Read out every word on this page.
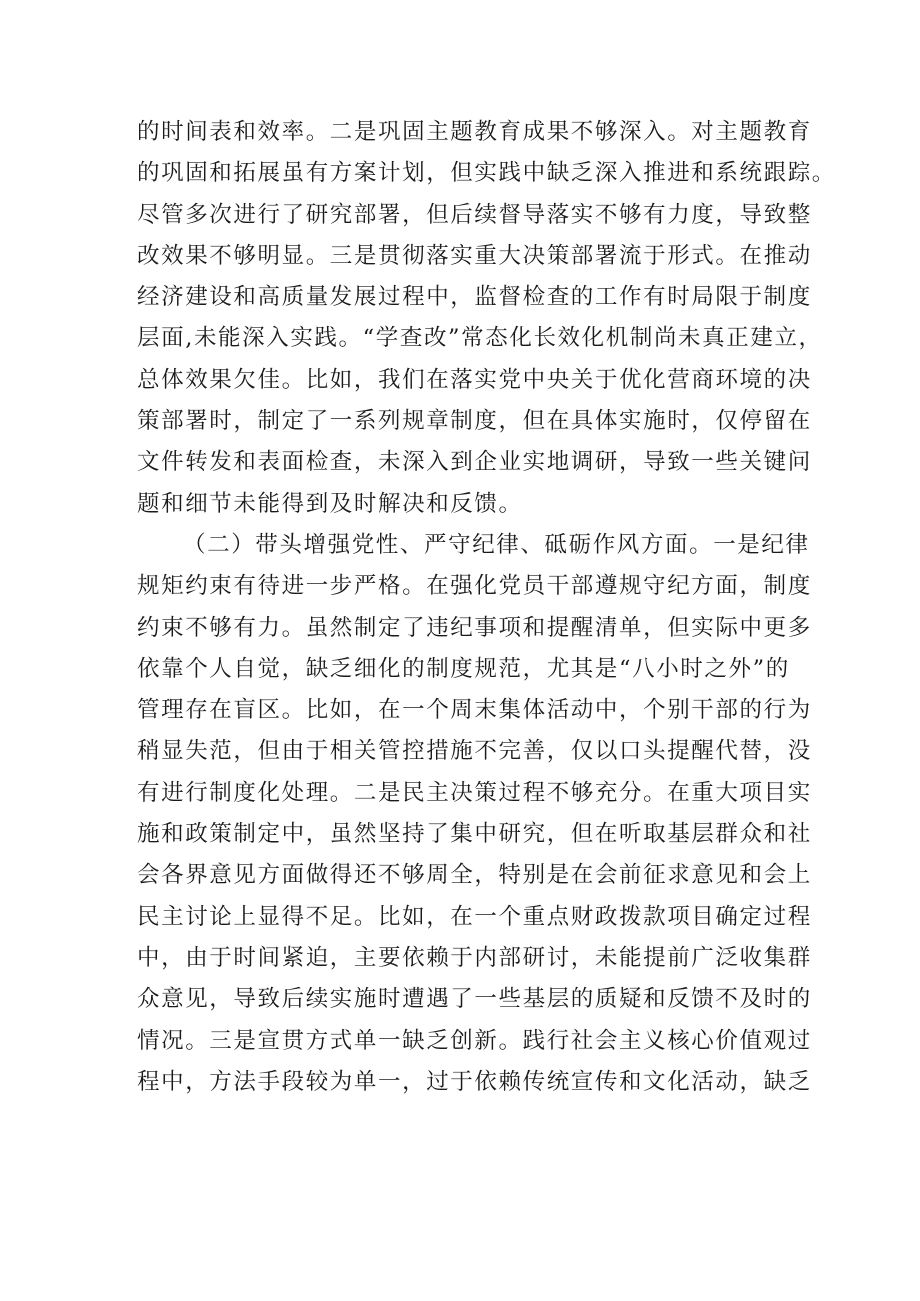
的时间表和效率。二是巩固主题教育成果不够深入。对主题教育
的巩固和拓展虽有方案计划，但实践中缺乏深入推进和系统跟踪。
尽管多次进行了研究部署，但后续督导落实不够有力度，导致整
改效果不够明显。三是贯彻落实重大决策部署流于形式。在推动
经济建设和高质量发展过程中，监督检查的工作有时局限于制度
层面,未能深入实践。“学查改”常态化长效化机制尚未真正建立，
总体效果欠佳。比如，我们在落实党中央关于优化营商环境的决
策部署时，制定了一系列规章制度，但在具体实施时，仅停留在
文件转发和表面检查，未深入到企业实地调研，导致一些关键问
题和细节未能得到及时解决和反馈。
（二）带头增强党性、严守纪律、砥砺作风方面。一是纪律
规矩约束有待进一步严格。在强化党员干部遵规守纪方面，制度
约束不够有力。虽然制定了违纪事项和提醒清单，但实际中更多
依靠个人自觉，缺乏细化的制度规范，尤其是“八小时之外”的
管理存在盲区。比如，在一个周末集体活动中，个别干部的行为
稍显失范，但由于相关管控措施不完善，仅以口头提醒代替，没
有进行制度化处理。二是民主决策过程不够充分。在重大项目实
施和政策制定中，虽然坚持了集中研究，但在听取基层群众和社
会各界意见方面做得还不够周全，特别是在会前征求意见和会上
民主讨论上显得不足。比如，在一个重点财政拨款项目确定过程
中，由于时间紧迫，主要依赖于内部研讨，未能提前广泛收集群
众意见，导致后续实施时遭遇了一些基层的质疑和反馈不及时的
情况。三是宣贯方式单一缺乏创新。践行社会主义核心价值观过
程中，方法手段较为单一，过于依赖传统宣传和文化活动，缺乏
